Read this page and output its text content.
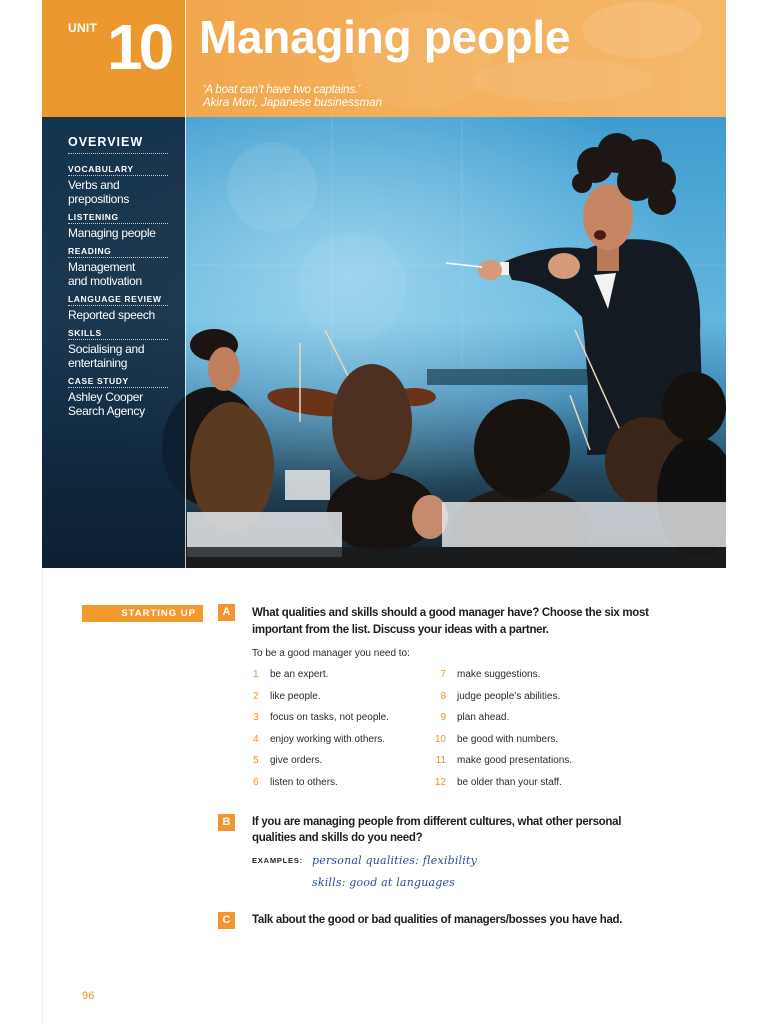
UNIT 10 Managing people
‘A boat can’t have two captains.’
Akira Mori, Japanese businessman
OVERVIEW
VOCABULARY
Verbs and
prepositions
LISTENING
Managing people
READING
Management
and motivation
LANGUAGE REVIEW
Reported speech
SKILLS
Socialising and
entertaining
CASE STUDY
Ashley Cooper
Search Agency
STARTING UP	A	What qualities and skills should a good manager have? Choose the six most
important from the list. Discuss your ideas with a partner.
To be a good manager you need to:
1 be an expert.
2 like people.
3 focus on tasks, not people.
4 enjoy working with others.
5 give orders.
6 listen to others.
7 make suggestions.
8 judge people’s abilities.
9 plan ahead.
10 be good with numbers.
11 make good presentations.
12 be older than your staff.
B	If you are managing people from different cultures, what other personal
qualities and skills do you need?
EXAMPLES: personal qualities: flexibility
skills: good at languages
C	Talk about the good or bad qualities of managers/bosses you have had.
96
